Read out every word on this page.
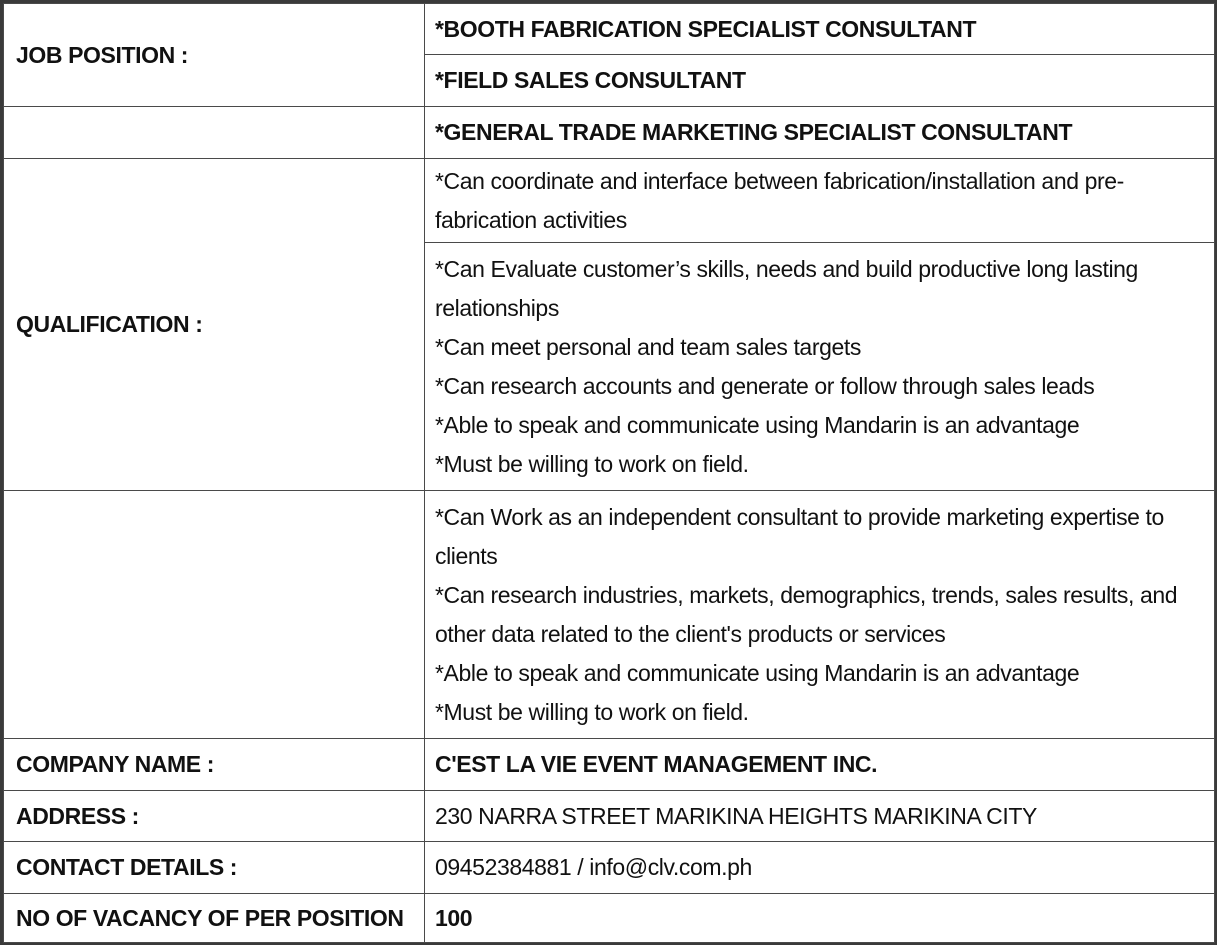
JOB POSITION :	*BOOTH FABRICATION SPECIALIST CONSULTANT
	*FIELD SALES CONSULTANT
	*GENERAL TRADE MARKETING SPECIALIST CONSULTANT
QUALIFICATION :	*Can coordinate and interface between fabrication/installation and pre-fabrication activities

	*Can Evaluate customer’s skills, needs and build productive long lasting relationships
*Can meet personal and team sales targets
*Can research accounts and generate or follow through sales leads
*Able to speak and communicate using Mandarin is an advantage
*Must be willing to work on field.

	*Can Work as an independent consultant to provide marketing expertise to clients
*Can research industries, markets, demographics, trends, sales results, and other data related to the client's products or services
*Able to speak and communicate using Mandarin is an advantage
*Must be willing to work on field.

COMPANY NAME :	C'EST LA VIE EVENT MANAGEMENT INC.
ADDRESS :	230 NARRA STREET MARIKINA HEIGHTS MARIKINA CITY
CONTACT DETAILS :	09452384881 / info@clv.com.ph
NO OF VACANCY OF PER POSITION	100
